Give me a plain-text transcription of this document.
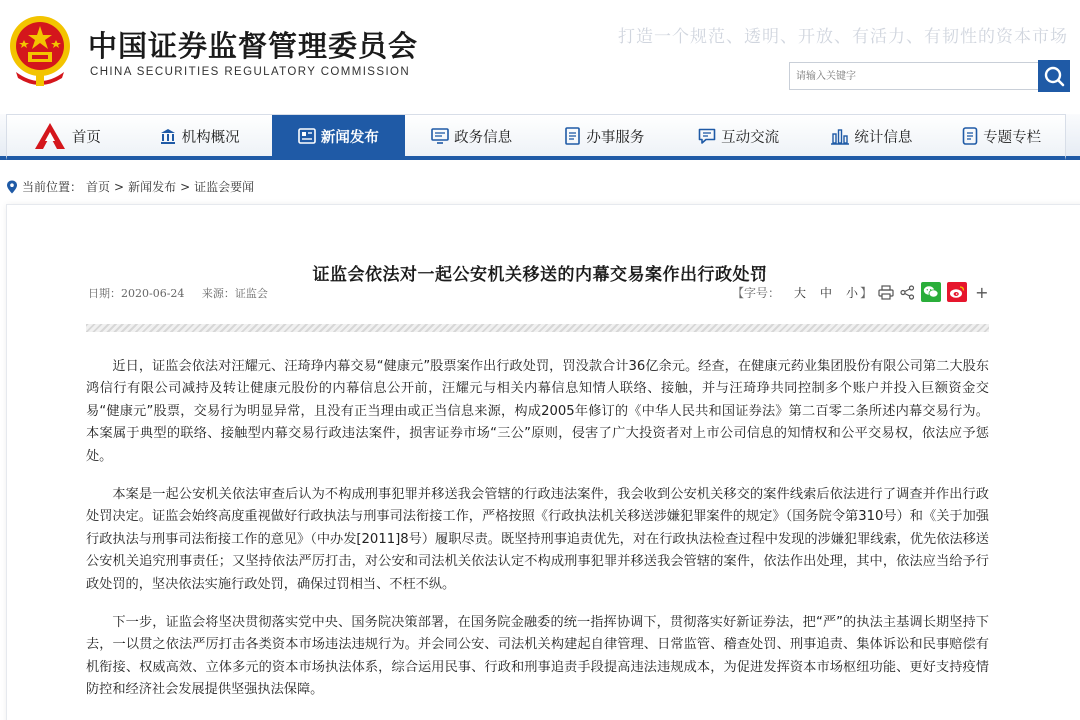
中国证券监督管理委员会
CHINA SECURITIES REGULATORY COMMISSION
打造一个规范、透明、开放、有活力、有韧性的资本市场
请输入关键字
首页	机构概况	新闻发布	政务信息	办事服务	互动交流	统计信息	专题专栏
当前位置： 首页 > 新闻发布 > 证监会要闻
证监会依法对一起公安机关移送的内幕交易案作出行政处罚
日期：2020-06-24 来源：证监会	【字号： 大 中 小 】	+

近日，证监会依法对汪耀元、汪琦琤内幕交易“健康元”股票案作出行政处罚，罚没款合计36亿余元。经查，在健康元药业集团股份有限公司第二大股东鸿信行有限公司减持及转让健康元股份的内幕信息公开前，汪耀元与相关内幕信息知情人联络、接触，并与汪琦琤共同控制多个账户并投入巨额资金交易“健康元”股票，交易行为明显异常，且没有正当理由或正当信息来源，构成2005年修订的《中华人民共和国证券法》第二百零二条所述内幕交易行为。本案属于典型的联络、接触型内幕交易行政违法案件，损害证券市场“三公”原则，侵害了广大投资者对上市公司信息的知情权和公平交易权，依法应予惩处。

本案是一起公安机关依法审查后认为不构成刑事犯罪并移送我会管辖的行政违法案件，我会收到公安机关移交的案件线索后依法进行了调查并作出行政处罚决定。证监会始终高度重视做好行政执法与刑事司法衔接工作，严格按照《行政执法机关移送涉嫌犯罪案件的规定》（国务院令第310号）和《关于加强行政执法与刑事司法衔接工作的意见》（中办发[2011]8号）履职尽责。既坚持刑事追责优先，对在行政执法检查过程中发现的涉嫌犯罪线索，优先依法移送公安机关追究刑事责任；又坚持依法严厉打击，对公安和司法机关依法认定不构成刑事犯罪并移送我会管辖的案件，依法作出处理，其中，依法应当给予行政处罚的，坚决依法实施行政处罚，确保过罚相当、不枉不纵。

下一步，证监会将坚决贯彻落实党中央、国务院决策部署，在国务院金融委的统一指挥协调下，贯彻落实好新证券法，把“严”的执法主基调长期坚持下去，一以贯之依法严厉打击各类资本市场违法违规行为。并会同公安、司法机关构建起自律管理、日常监管、稽查处罚、刑事追责、集体诉讼和民事赔偿有机衔接、权威高效、立体多元的资本市场执法体系，综合运用民事、行政和刑事追责手段提高违法违规成本，为促进发挥资本市场枢纽功能、更好支持疫情防控和经济社会发展提供坚强执法保障。
